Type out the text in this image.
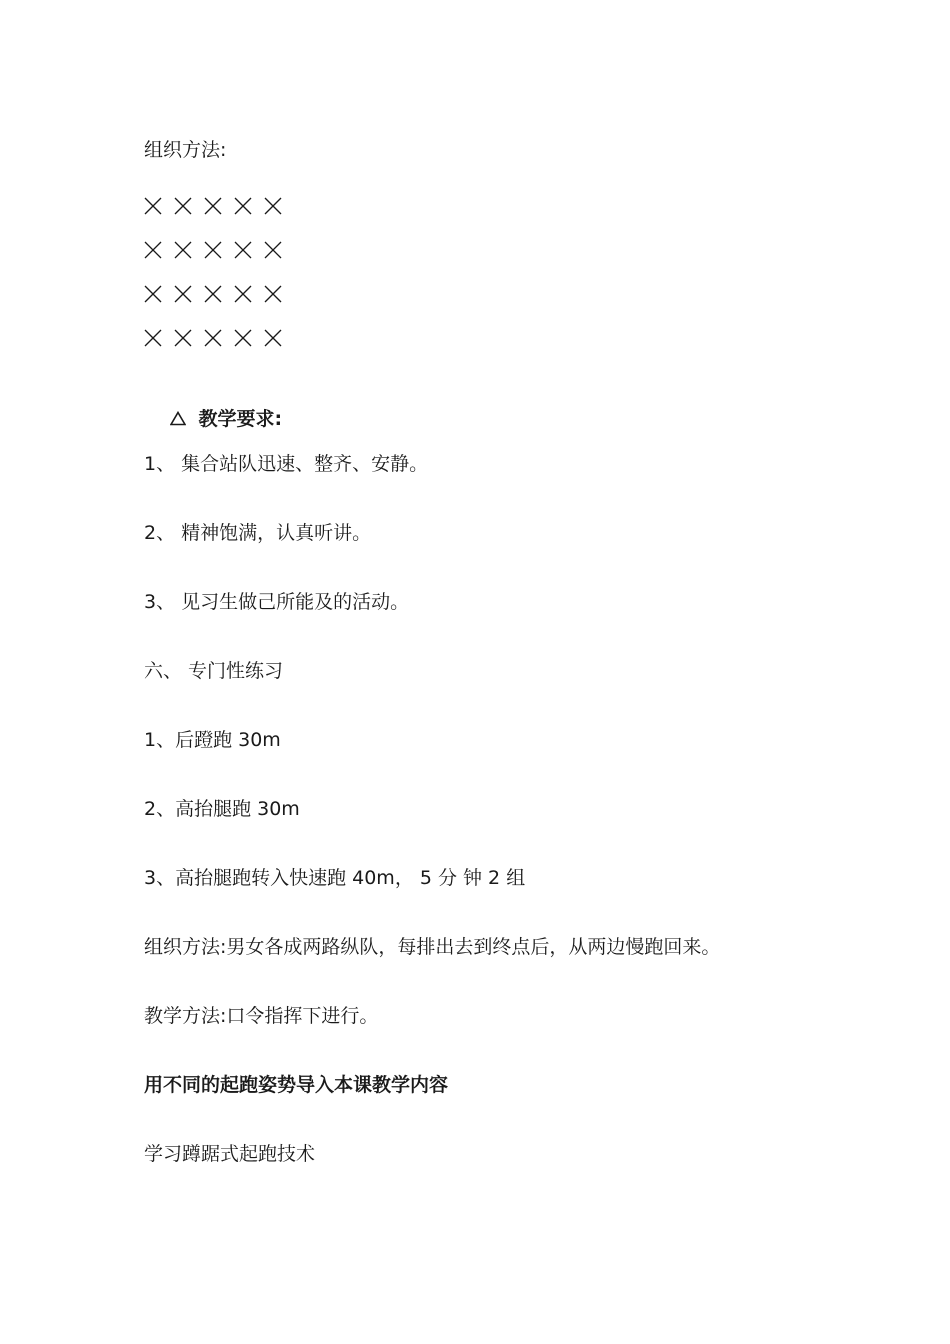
组织方法:

教学要求:

1、 集合站队迅速、整齐、安静。
2、 精神饱满，认真听讲。
3、 见习生做己所能及的活动。
六、 专门性练习
1、后蹬跑 30m
2、高抬腿跑 30m
3、高抬腿跑转入快速跑 40m， 5 分 钟 2 组
组织方法:男女各成两路纵队，每排出去到终点后，从两边慢跑回来。
教学方法:口令指挥下进行。
用不同的起跑姿势导入本课教学内容
学习蹲踞式起跑技术
